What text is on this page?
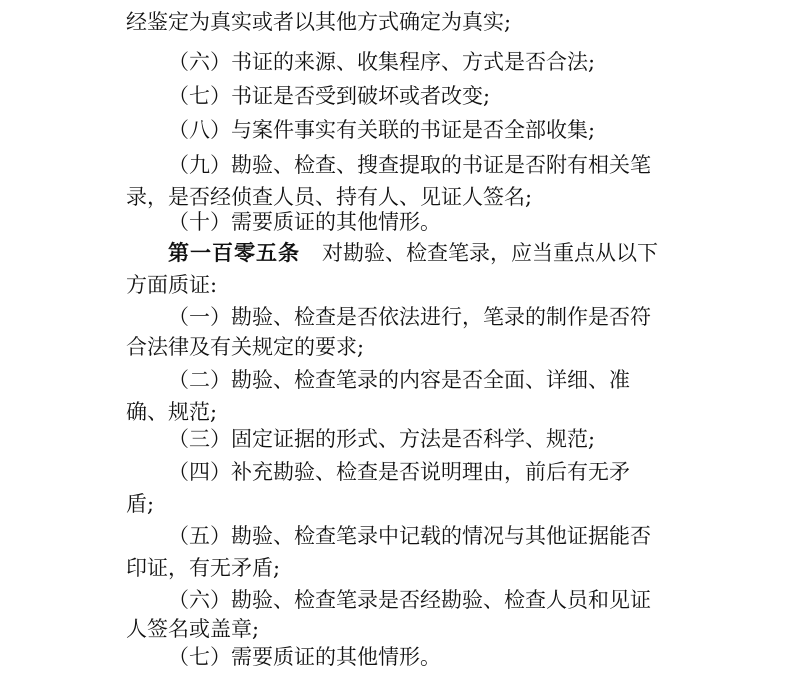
经鉴定为真实或者以其他方式确定为真实;
（六）书证的来源、收集程序、方式是否合法;
（七）书证是否受到破坏或者改变;
（八）与案件事实有关联的书证是否全部收集;
（九）勘验、检查、搜查提取的书证是否附有相关笔
录，是否经侦查人员、持有人、见证人签名;
（十）需要质证的其他情形。
第一百零五条 对勘验、检查笔录，应当重点从以下
方面质证:
（一）勘验、检查是否依法进行，笔录的制作是否符
合法律及有关规定的要求;
（二）勘验、检查笔录的内容是否全面、详细、准
确、规范;
（三）固定证据的形式、方法是否科学、规范;
（四）补充勘验、检查是否说明理由，前后有无矛
盾;
（五）勘验、检查笔录中记载的情况与其他证据能否
印证，有无矛盾;
（六）勘验、检查笔录是否经勘验、检查人员和见证
人签名或盖章;
（七）需要质证的其他情形。
